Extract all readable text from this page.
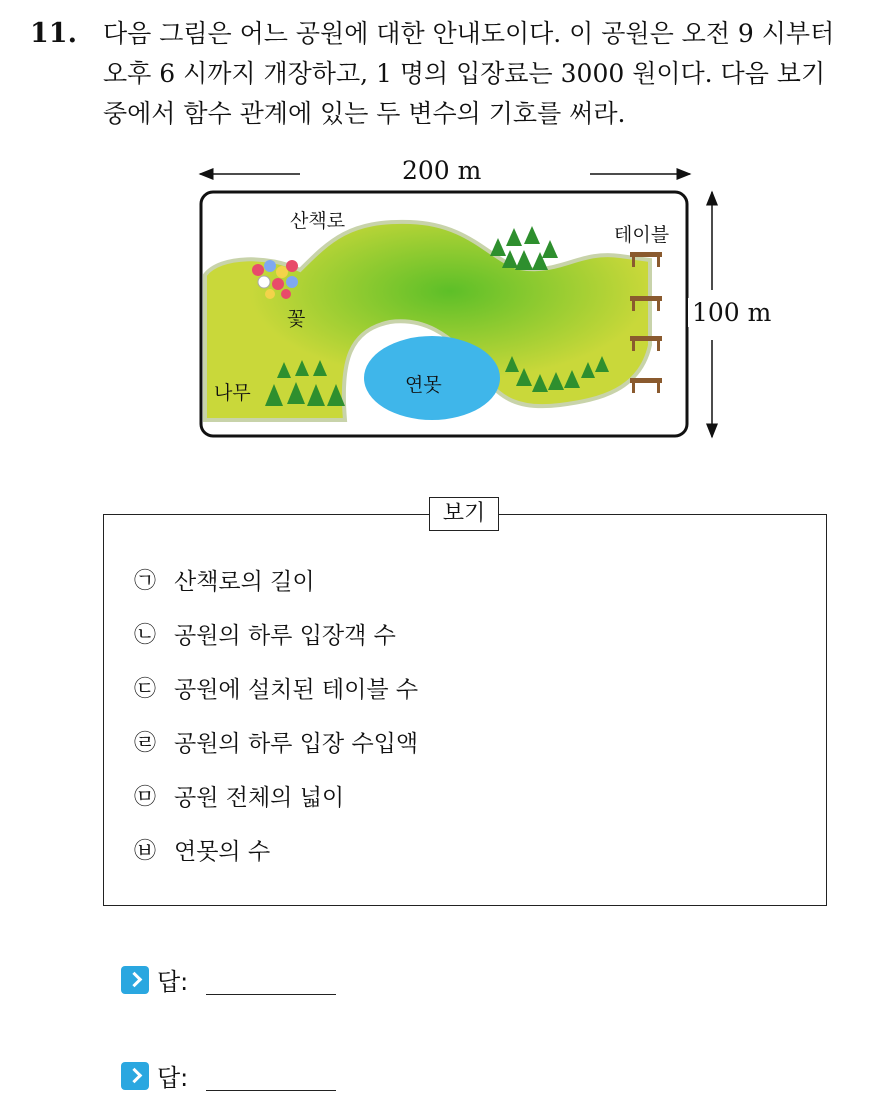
11. 다음 그림은 어느 공원에 대한 안내도이다. 이 공원은 오전 9 시부터
오후 6 시까지 개장하고, 1 명의 입장료는 3000 원이다. 다음 보기
중에서 함수 관계에 있는 두 변수의 기호를 써라.
200 m
100 m
산책로
테이블
꽃
나무	연못
보기
㉠ 산책로의 길이
㉡ 공원의 하루 입장객 수
㉢ 공원에 설치된 테이블 수
㉣ 공원의 하루 입장 수입액
㉤ 공원 전체의 넓이
㉥ 연못의 수
답:
답:
